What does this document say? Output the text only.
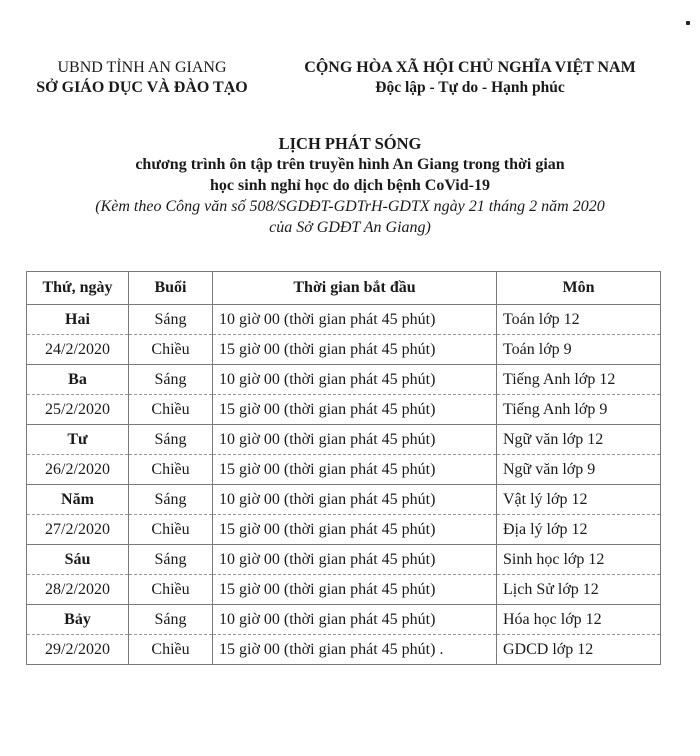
UBND TỈNH AN GIANG
SỞ GIÁO DỤC VÀ ĐÀO TẠO
CỘNG HÒA XÃ HỘI CHỦ NGHĨA VIỆT NAM
Độc lập - Tự do - Hạnh phúc
LỊCH PHÁT SÓNG
chương trình ôn tập trên truyền hình An Giang trong thời gian
học sinh nghỉ học do dịch bệnh CoVid-19
(Kèm theo Công văn số 508/SGDĐT-GDTrH-GDTX ngày 21 tháng 2 năm 2020
của Sở GDĐT An Giang)
Thứ, ngày	Buổi	Thời gian bắt đầu	Môn
Hai	Sáng	10 giờ 00 (thời gian phát 45 phút)	Toán lớp 12
24/2/2020	Chiều	15 giờ 00 (thời gian phát 45 phút)	Toán lớp 9
Ba	Sáng	10 giờ 00 (thời gian phát 45 phút)	Tiếng Anh lớp 12
25/2/2020	Chiều	15 giờ 00 (thời gian phát 45 phút)	Tiếng Anh lớp 9
Tư	Sáng	10 giờ 00 (thời gian phát 45 phút)	Ngữ văn lớp 12
26/2/2020	Chiều	15 giờ 00 (thời gian phát 45 phút)	Ngữ văn lớp 9
Năm	Sáng	10 giờ 00 (thời gian phát 45 phút)	Vật lý lớp 12
27/2/2020	Chiều	15 giờ 00 (thời gian phát 45 phút)	Địa lý lớp 12
Sáu	Sáng	10 giờ 00 (thời gian phát 45 phút)	Sinh học lớp 12
28/2/2020	Chiều	15 giờ 00 (thời gian phát 45 phút)	Lịch Sử lớp 12
Bảy	Sáng	10 giờ 00 (thời gian phát 45 phút)	Hóa học lớp 12
29/2/2020	Chiều	15 giờ 00 (thời gian phát 45 phút) .	GDCD lớp 12
